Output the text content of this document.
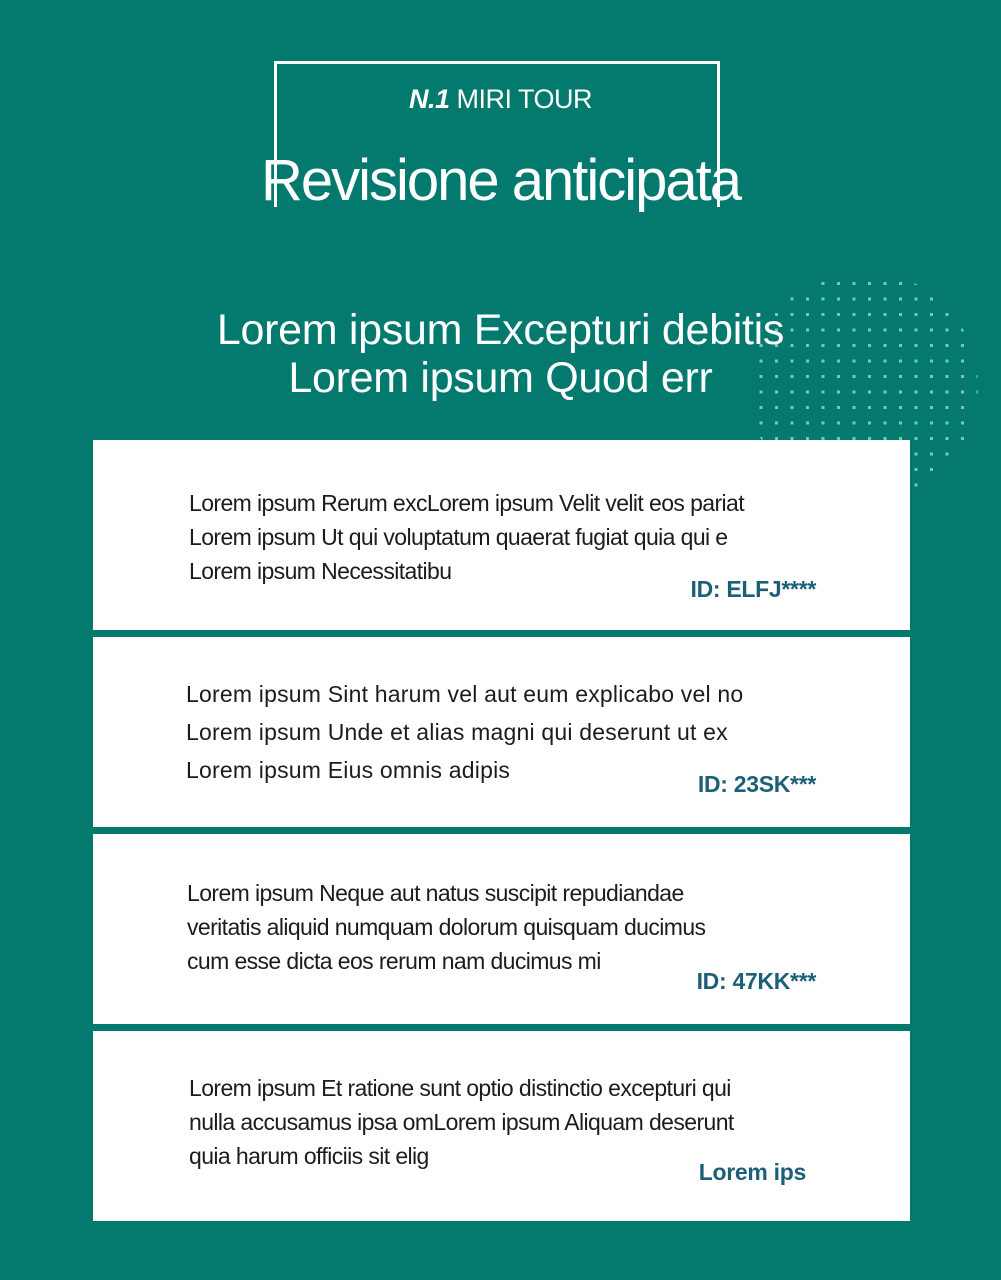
N.1 MIRI TOUR
Revisione anticipata
Lorem ipsum Excepturi debitis
Lorem ipsum Quod err

Lorem ipsum Rerum excLorem ipsum Velit velit eos pariat
Lorem ipsum Ut qui voluptatum quaerat fugiat quia qui e
Lorem ipsum Necessitatibu

ID: ELFJ****

Lorem ipsum Sint harum vel aut eum explicabo vel no
Lorem ipsum Unde et alias magni qui deserunt ut ex
Lorem ipsum Eius omnis adipis

ID: 23SK***

Lorem ipsum Neque aut natus suscipit repudiandae
veritatis aliquid numquam dolorum quisquam ducimus
cum esse dicta eos rerum nam ducimus mi

ID: 47KK***

Lorem ipsum Et ratione sunt optio distinctio excepturi qui
nulla accusamus ipsa omLorem ipsum Aliquam deserunt
quia harum officiis sit elig

Lorem ips
